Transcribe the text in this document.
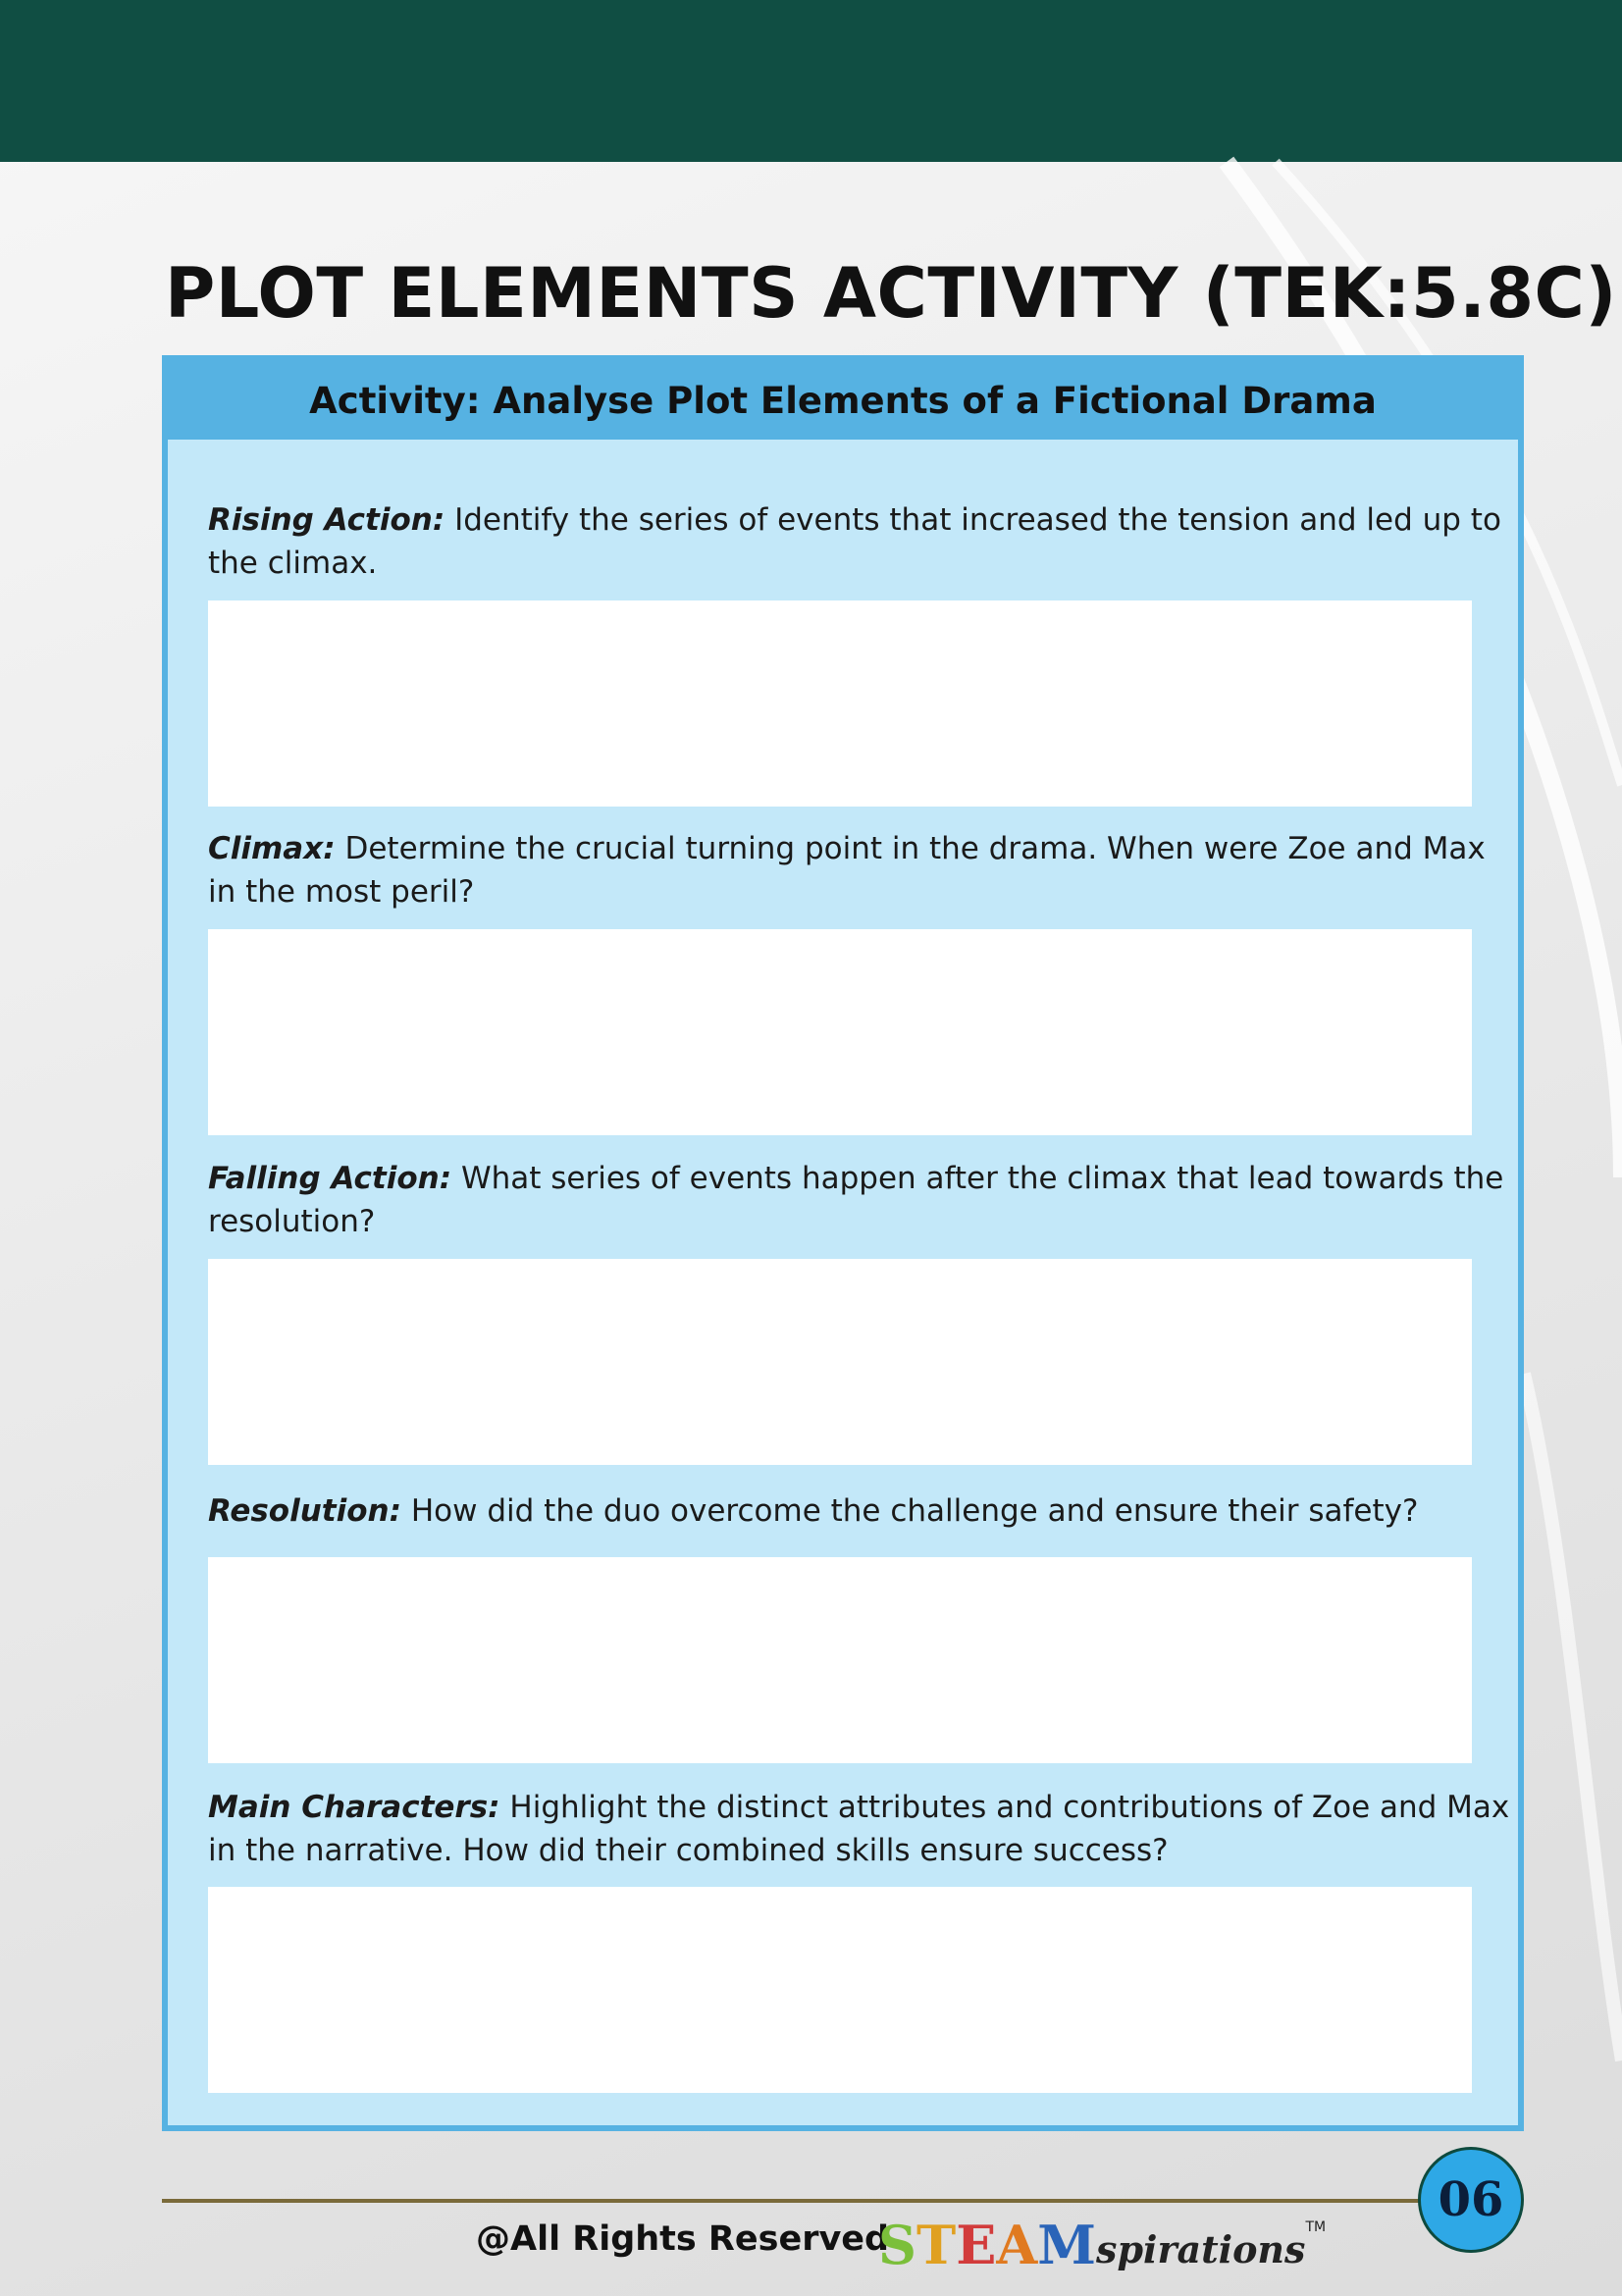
PLOT ELEMENTS ACTIVITY (TEK:5.8C)
Activity: Analyse Plot Elements of a Fictional Drama
Rising Action: Identify the series of events that increased the tension and led up to the climax.
Climax: Determine the crucial turning point in the drama. When were Zoe and Max in the most peril?
Falling Action: What series of events happen after the climax that lead towards the resolution?
Resolution: How did the duo overcome the challenge and ensure their safety?
Main Characters: Highlight the distinct attributes and contributions of Zoe and Max in the narrative. How did their combined skills ensure success?
06
@All Rights Reserved
S T E A M spirations TM
